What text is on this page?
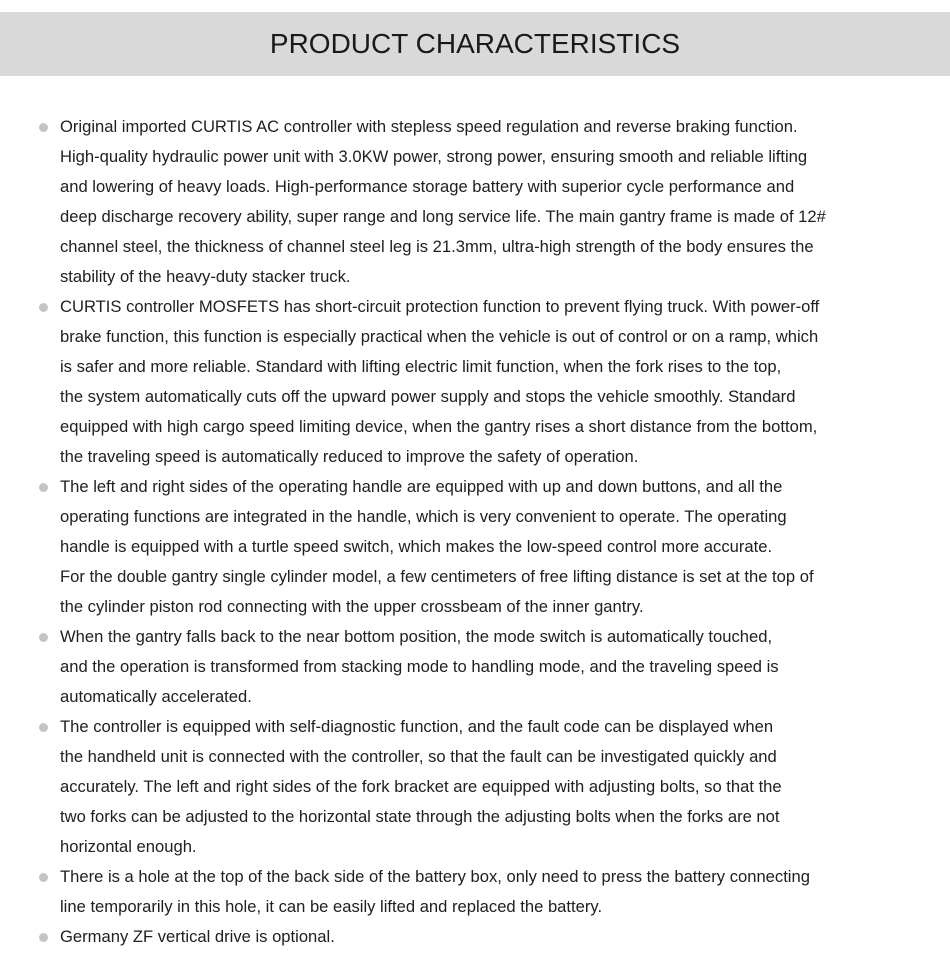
PRODUCT CHARACTERISTICS
Original imported CURTIS AC controller with stepless speed regulation and reverse braking function.
High-quality hydraulic power unit with 3.0KW power, strong power, ensuring smooth and reliable lifting
and lowering of heavy loads. High-performance storage battery with superior cycle performance and
deep discharge recovery ability, super range and long service life. The main gantry frame is made of 12#
channel steel, the thickness of channel steel leg is 21.3mm, ultra-high strength of the body ensures the
stability of the heavy-duty stacker truck.
CURTIS controller MOSFETS has short-circuit protection function to prevent flying truck. With power-off
brake function, this function is especially practical when the vehicle is out of control or on a ramp, which
is safer and more reliable. Standard with lifting electric limit function, when the fork rises to the top,
the system automatically cuts off the upward power supply and stops the vehicle smoothly. Standard
equipped with high cargo speed limiting device, when the gantry rises a short distance from the bottom,
the traveling speed is automatically reduced to improve the safety of operation.
The left and right sides of the operating handle are equipped with up and down buttons, and all the
operating functions are integrated in the handle, which is very convenient to operate. The operating
handle is equipped with a turtle speed switch, which makes the low-speed control more accurate.
For the double gantry single cylinder model, a few centimeters of free lifting distance is set at the top of
the cylinder piston rod connecting with the upper crossbeam of the inner gantry.
When the gantry falls back to the near bottom position, the mode switch is automatically touched,
and the operation is transformed from stacking mode to handling mode, and the traveling speed is
automatically accelerated.
The controller is equipped with self-diagnostic function, and the fault code can be displayed when
the handheld unit is connected with the controller, so that the fault can be investigated quickly and
accurately. The left and right sides of the fork bracket are equipped with adjusting bolts, so that the
two forks can be adjusted to the horizontal state through the adjusting bolts when the forks are not
horizontal enough.
There is a hole at the top of the back side of the battery box, only need to press the battery connecting
line temporarily in this hole, it can be easily lifted and replaced the battery.
Germany ZF vertical drive is optional.
